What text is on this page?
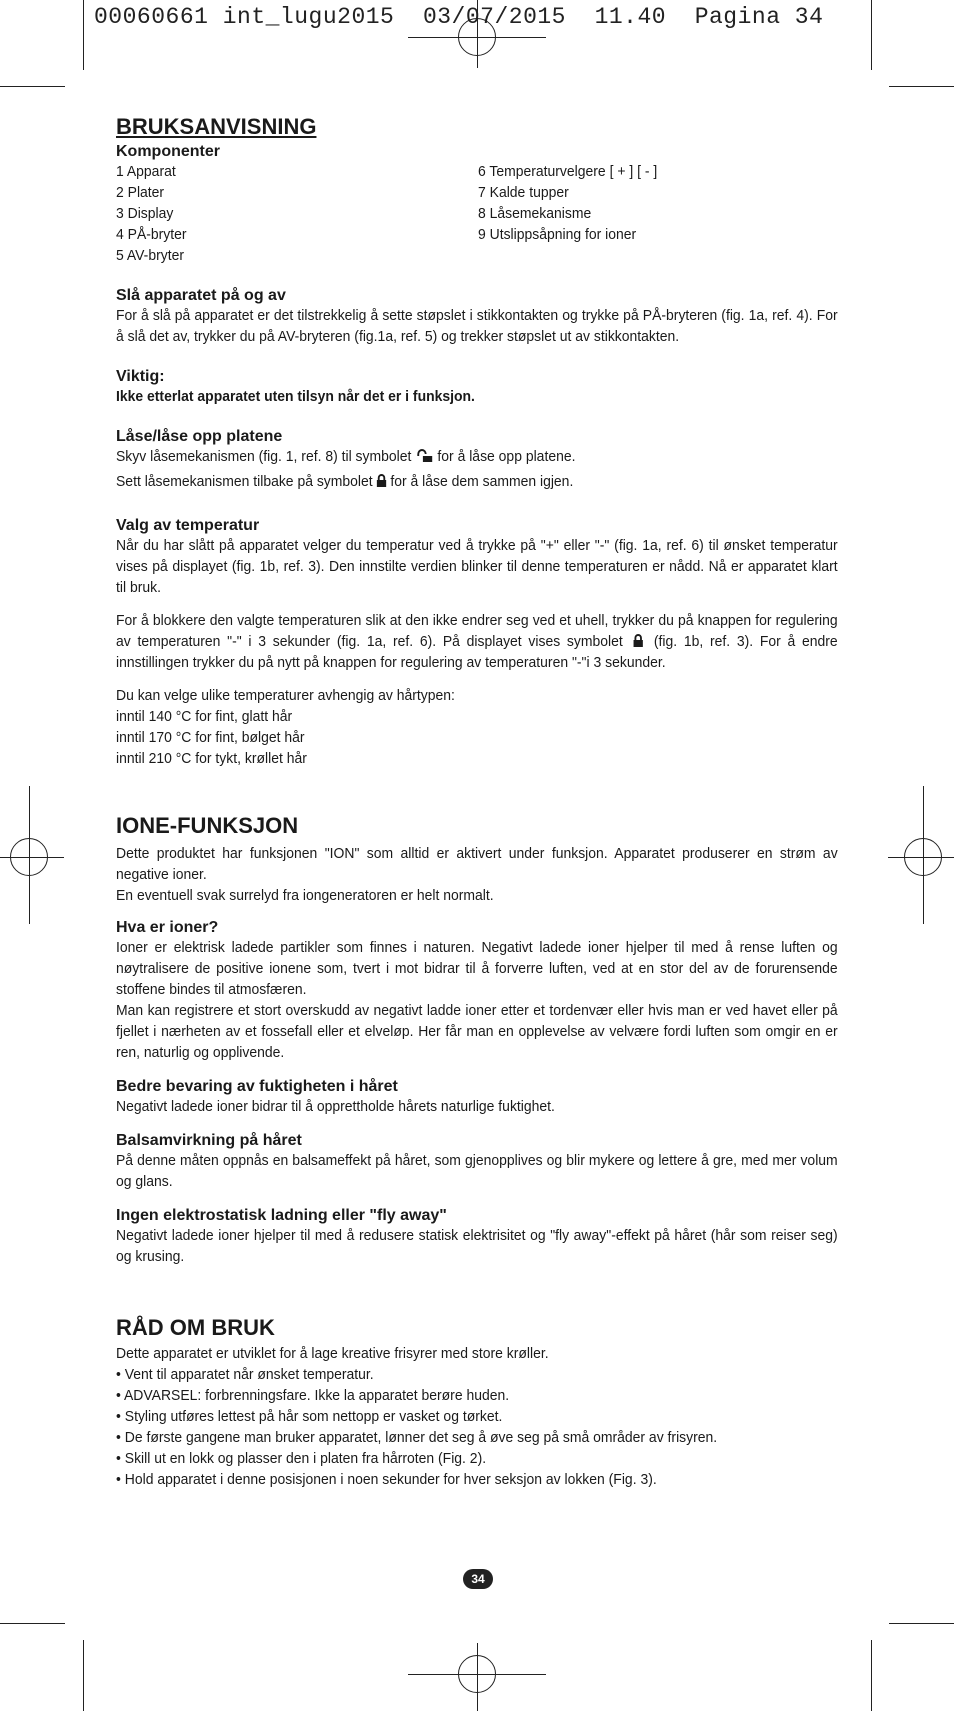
00060661 int_lugu2015  03/07/2015  11.40  Pagina 34
BRUKSANVISNING
Komponenter
1 Apparat
2 Plater
3 Display
4 PÅ-bryter
5 AV-bryter
6 Temperaturvelgere [ + ] [ - ]
7 Kalde tupper
8 Låsemekanisme
9 Utslippsåpning for ioner
Slå apparatet på og av

For å slå på apparatet er det tilstrekkelig å sette støpslet i stikkontakten og trykke på PÅ-bryteren (fig. 1a, ref. 4). For å slå det av, trykker du på AV-bryteren (fig.1a, ref. 5) og trekker støpslet ut av stikkontakten.

Viktig:

Ikke etterlat apparatet uten tilsyn når det er i funksjon.

Låse/låse opp platene
Skyv låsemekanismen (fig. 1, ref. 8) til symbolet for å låse opp platene.
Sett låsemekanismen tilbake på symbolet for å låse dem sammen igjen.
Valg av temperatur

Når du har slått på apparatet velger du temperatur ved å trykke på "+" eller "-" (fig. 1a, ref. 6) til ønsket temperatur vises på displayet (fig. 1b, ref. 3). Den innstilte verdien blinker til denne temperaturen er nådd. Nå er apparatet klart til bruk.

For å blokkere den valgte temperaturen slik at den ikke endrer seg ved et uhell, trykker du på knappen for regulering av temperaturen "-" i 3 sekunder (fig. 1a, ref. 6). På displayet vises symbolet (fig. 1b, ref. 3). For å endre innstillingen trykker du på nytt på knappen for regulering av temperaturen "-"i 3 sekunder.

Du kan velge ulike temperaturer avhengig av hårtypen:
inntil 140 °C for fint, glatt hår
inntil 170 °C for fint, bølget hår
inntil 210 °C for tykt, krøllet hår
IONE-FUNKSJON

Dette produktet har funksjonen "ION" som alltid er aktivert under funksjon. Apparatet produserer en strøm av negative ioner.

En eventuell svak surrelyd fra iongeneratoren er helt normalt.

Hva er ioner?

Ioner er elektrisk ladede partikler som finnes i naturen. Negativt ladede ioner hjelper til med å rense luften og nøytralisere de positive ionene som, tvert i mot bidrar til å forverre luften, ved at en stor del av de forurensende stoffene bindes til atmosfæren.

Man kan registrere et stort overskudd av negativt ladde ioner etter et tordenvær eller hvis man er ved havet eller på fjellet i nærheten av et fossefall eller et elveløp. Her får man en opplevelse av velvære fordi luften som omgir en er ren, naturlig og opplivende.

Bedre bevaring av fuktigheten i håret

Negativt ladede ioner bidrar til å opprettholde hårets naturlige fuktighet.

Balsamvirkning på håret

På denne måten oppnås en balsameffekt på håret, som gjenopplives og blir mykere og lettere å gre, med mer volum og glans.

Ingen elektrostatisk ladning eller "fly away"

Negativt ladede ioner hjelper til med å redusere statisk elektrisitet og "fly away"-effekt på håret (hår som reiser seg) og krusing.

RÅD OM BRUK

Dette apparatet er utviklet for å lage kreative frisyrer med store krøller.

• Vent til apparatet når ønsket temperatur.
• ADVARSEL: forbrenningsfare. Ikke la apparatet berøre huden.
• Styling utføres lettest på hår som nettopp er vasket og tørket.
• De første gangene man bruker apparatet, lønner det seg å øve seg på små områder av frisyren.
• Skill ut en lokk og plasser den i platen fra hårroten (Fig. 2).
• Hold apparatet i denne posisjonen i noen sekunder for hver seksjon av lokken (Fig. 3).
34
